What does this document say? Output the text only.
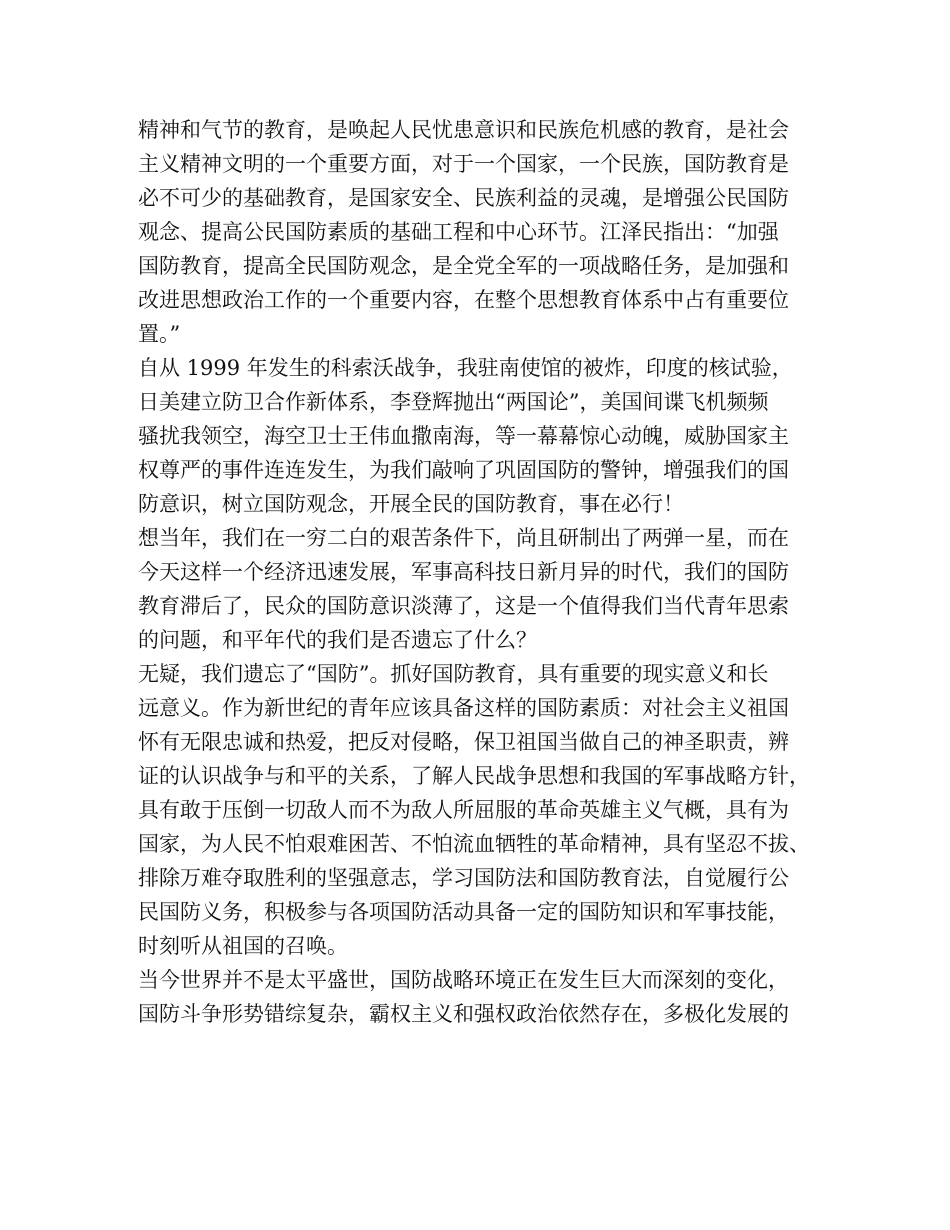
精神和气节的教育，是唤起人民忧患意识和民族危机感的教育，是社会
主义精神文明的一个重要方面，对于一个国家，一个民族，国防教育是
必不可少的基础教育，是国家安全、民族利益的灵魂，是增强公民国防
观念、提高公民国防素质的基础工程和中心环节。江泽民指出：“加强
国防教育，提高全民国防观念，是全党全军的一项战略任务，是加强和
改进思想政治工作的一个重要内容，在整个思想教育体系中占有重要位
置。”
自从 1999 年发生的科索沃战争，我驻南使馆的被炸，印度的核试验，
日美建立防卫合作新体系，李登辉抛出“两国论”，美国间谍飞机频频
骚扰我领空，海空卫士王伟血撒南海，等一幕幕惊心动魄，威胁国家主
权尊严的事件连连发生，为我们敲响了巩固国防的警钟，增强我们的国
防意识，树立国防观念，开展全民的国防教育，事在必行！
想当年，我们在一穷二白的艰苦条件下，尚且研制出了两弹一星，而在
今天这样一个经济迅速发展，军事高科技日新月异的时代，我们的国防
教育滞后了，民众的国防意识淡薄了，这是一个值得我们当代青年思索
的问题，和平年代的我们是否遗忘了什么？
无疑，我们遗忘了“国防”。抓好国防教育，具有重要的现实意义和长
远意义。作为新世纪的青年应该具备这样的国防素质：对社会主义祖国
怀有无限忠诚和热爱，把反对侵略，保卫祖国当做自己的神圣职责，辨
证的认识战争与和平的关系，了解人民战争思想和我国的军事战略方针，
具有敢于压倒一切敌人而不为敌人所屈服的革命英雄主义气概，具有为
国家，为人民不怕艰难困苦、不怕流血牺牲的革命精神，具有坚忍不拔、
排除万难夺取胜利的坚强意志，学习国防法和国防教育法，自觉履行公
民国防义务，积极参与各项国防活动具备一定的国防知识和军事技能，
时刻听从祖国的召唤。
当今世界并不是太平盛世，国防战略环境正在发生巨大而深刻的变化，
国防斗争形势错综复杂，霸权主义和强权政治依然存在，多极化发展的
